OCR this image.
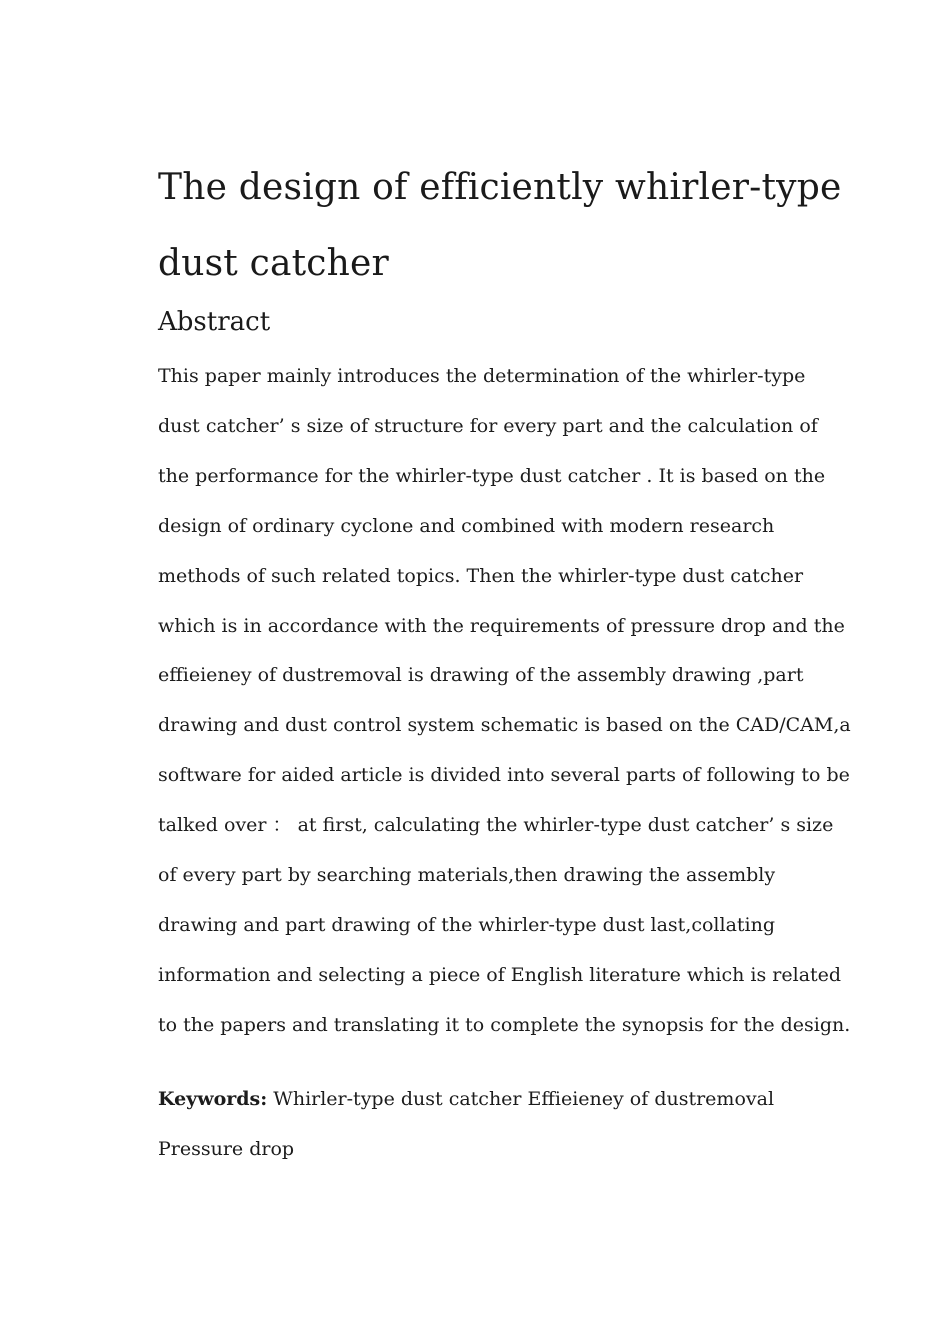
The design of efficiently whirler-type
dust catcher
Abstract

This paper mainly introduces the determination of the whirler-type
dust catcher’ s size of structure for every part and the calculation of
the performance for the whirler-type dust catcher . It is based on the
design of ordinary cyclone and combined with modern research
methods of such related topics. Then the whirler-type dust catcher
which is in accordance with the requirements of pressure drop and the
effieieney of dustremoval is drawing of the assembly drawing ,part
drawing and dust control system schematic is based on the CAD/CAM,a
software for aided article is divided into several parts of following to be
talked over ： at first, calculating the whirler-type dust catcher’ s size
of every part by searching materials,then drawing the assembly
drawing and part drawing of the whirler-type dust last,collating
information and selecting a piece of English literature which is related
to the papers and translating it to complete the synopsis for the design.

Keywords: Whirler-type dust catcher Effieieney of dustremoval
Pressure drop
